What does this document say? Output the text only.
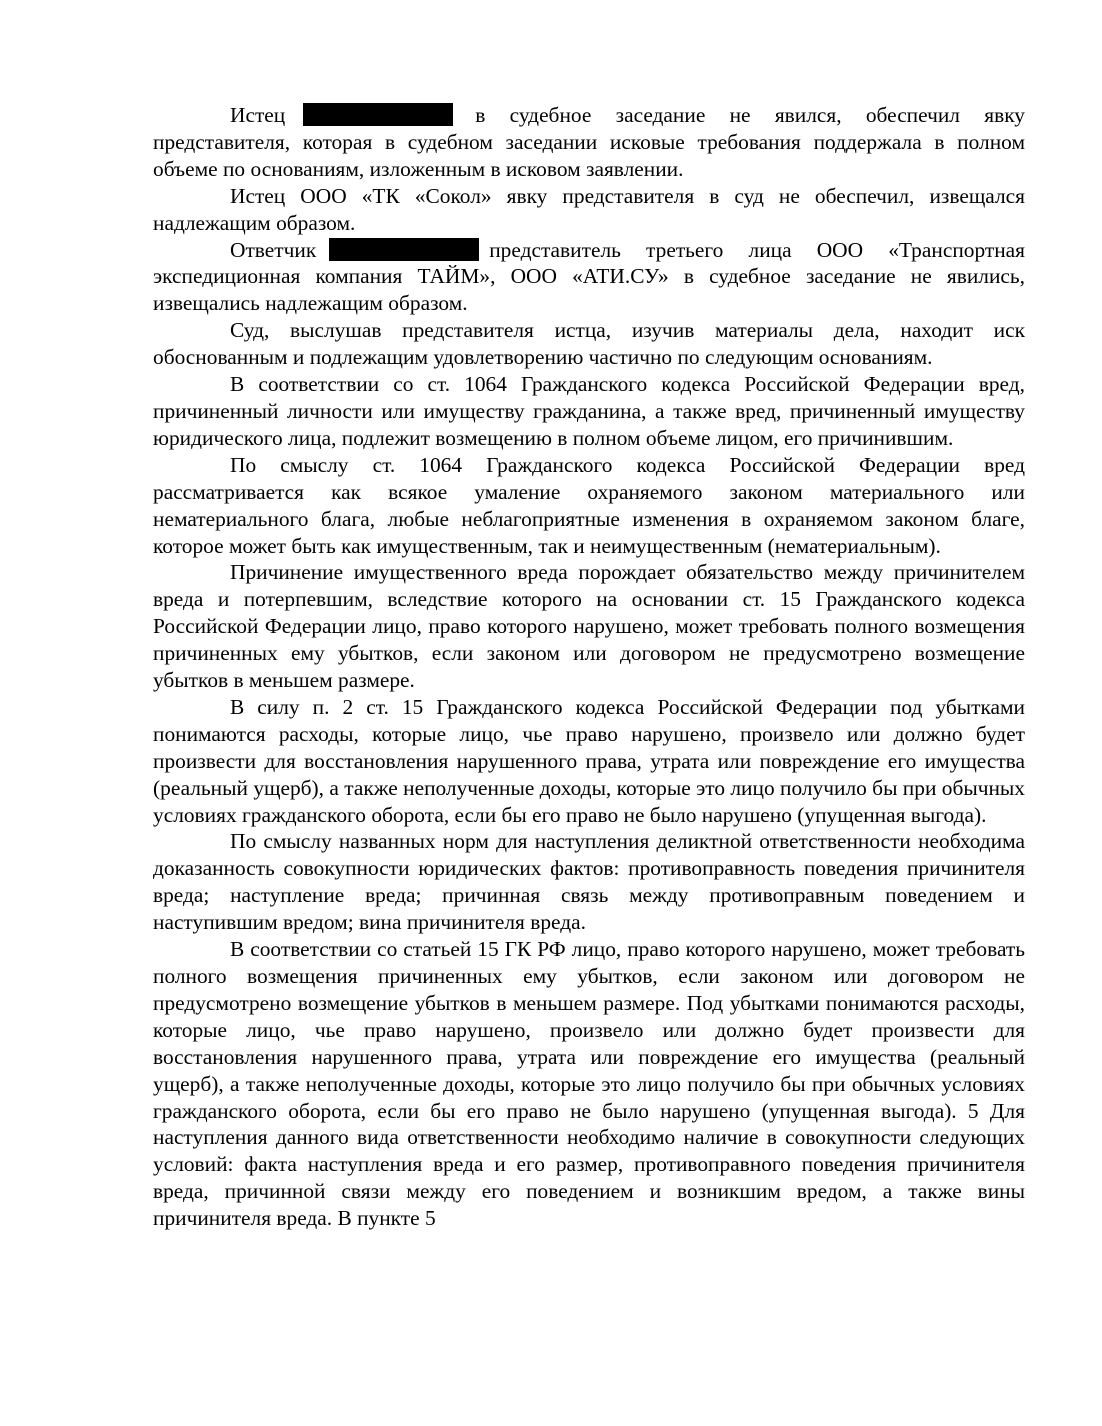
Истец	в судебное заседание не явился, обеспечил явку представителя, которая в судебном заседании исковые требования поддержала в полном объеме по основаниям, изложенным в исковом заявлении.

Истец ООО «ТК «Сокол» явку представителя в суд не обеспечил, извещался надлежащим образом.

Ответчик	представитель третьего лица ООО «Транспортная экспедиционная компания ТАЙМ», ООО «АТИ.СУ» в судебное заседание не явились, извещались надлежащим образом.

Суд, выслушав представителя истца, изучив материалы дела, находит иск обоснованным и подлежащим удовлетворению частично по следующим основаниям.

В соответствии со ст. 1064 Гражданского кодекса Российской Федерации вред, причиненный личности или имуществу гражданина, а также вред, причиненный имуществу юридического лица, подлежит возмещению в полном объеме лицом, его причинившим.

По смыслу ст. 1064 Гражданского кодекса Российской Федерации вред рассматривается как всякое умаление охраняемого законом материального или нематериального блага, любые неблагоприятные изменения в охраняемом законом благе, которое может быть как имущественным, так и неимущественным (нематериальным).

Причинение имущественного вреда порождает обязательство между причинителем вреда и потерпевшим, вследствие которого на основании ст. 15 Гражданского кодекса Российской Федерации лицо, право которого нарушено, может требовать полного возмещения причиненных ему убытков, если законом или договором не предусмотрено возмещение убытков в меньшем размере.

В силу п. 2 ст. 15 Гражданского кодекса Российской Федерации под убытками понимаются расходы, которые лицо, чье право нарушено, произвело или должно будет произвести для восстановления нарушенного права, утрата или повреждение его имущества (реальный ущерб), а также неполученные доходы, которые это лицо получило бы при обычных условиях гражданского оборота, если бы его право не было нарушено (упущенная выгода).

По смыслу названных норм для наступления деликтной ответственности необходима доказанность совокупности юридических фактов: противоправность поведения причинителя вреда; наступление вреда; причинная связь между противоправным поведением и наступившим вредом; вина причинителя вреда.

В соответствии со статьей 15 ГК РФ лицо, право которого нарушено, может требовать полного возмещения причиненных ему убытков, если законом или договором не предусмотрено возмещение убытков в меньшем размере. Под убытками понимаются расходы, которые лицо, чье право нарушено, произвело или должно будет произвести для восстановления нарушенного права, утрата или повреждение его имущества (реальный ущерб), а также неполученные доходы, которые это лицо получило бы при обычных условиях гражданского оборота, если бы его право не было нарушено (упущенная выгода). 5 Для наступления данного вида ответственности необходимо наличие в совокупности следующих условий: факта наступления вреда и его размер, противоправного поведения причинителя вреда, причинной связи между его поведением и возникшим вредом, а также вины причинителя вреда. В пункте 5
